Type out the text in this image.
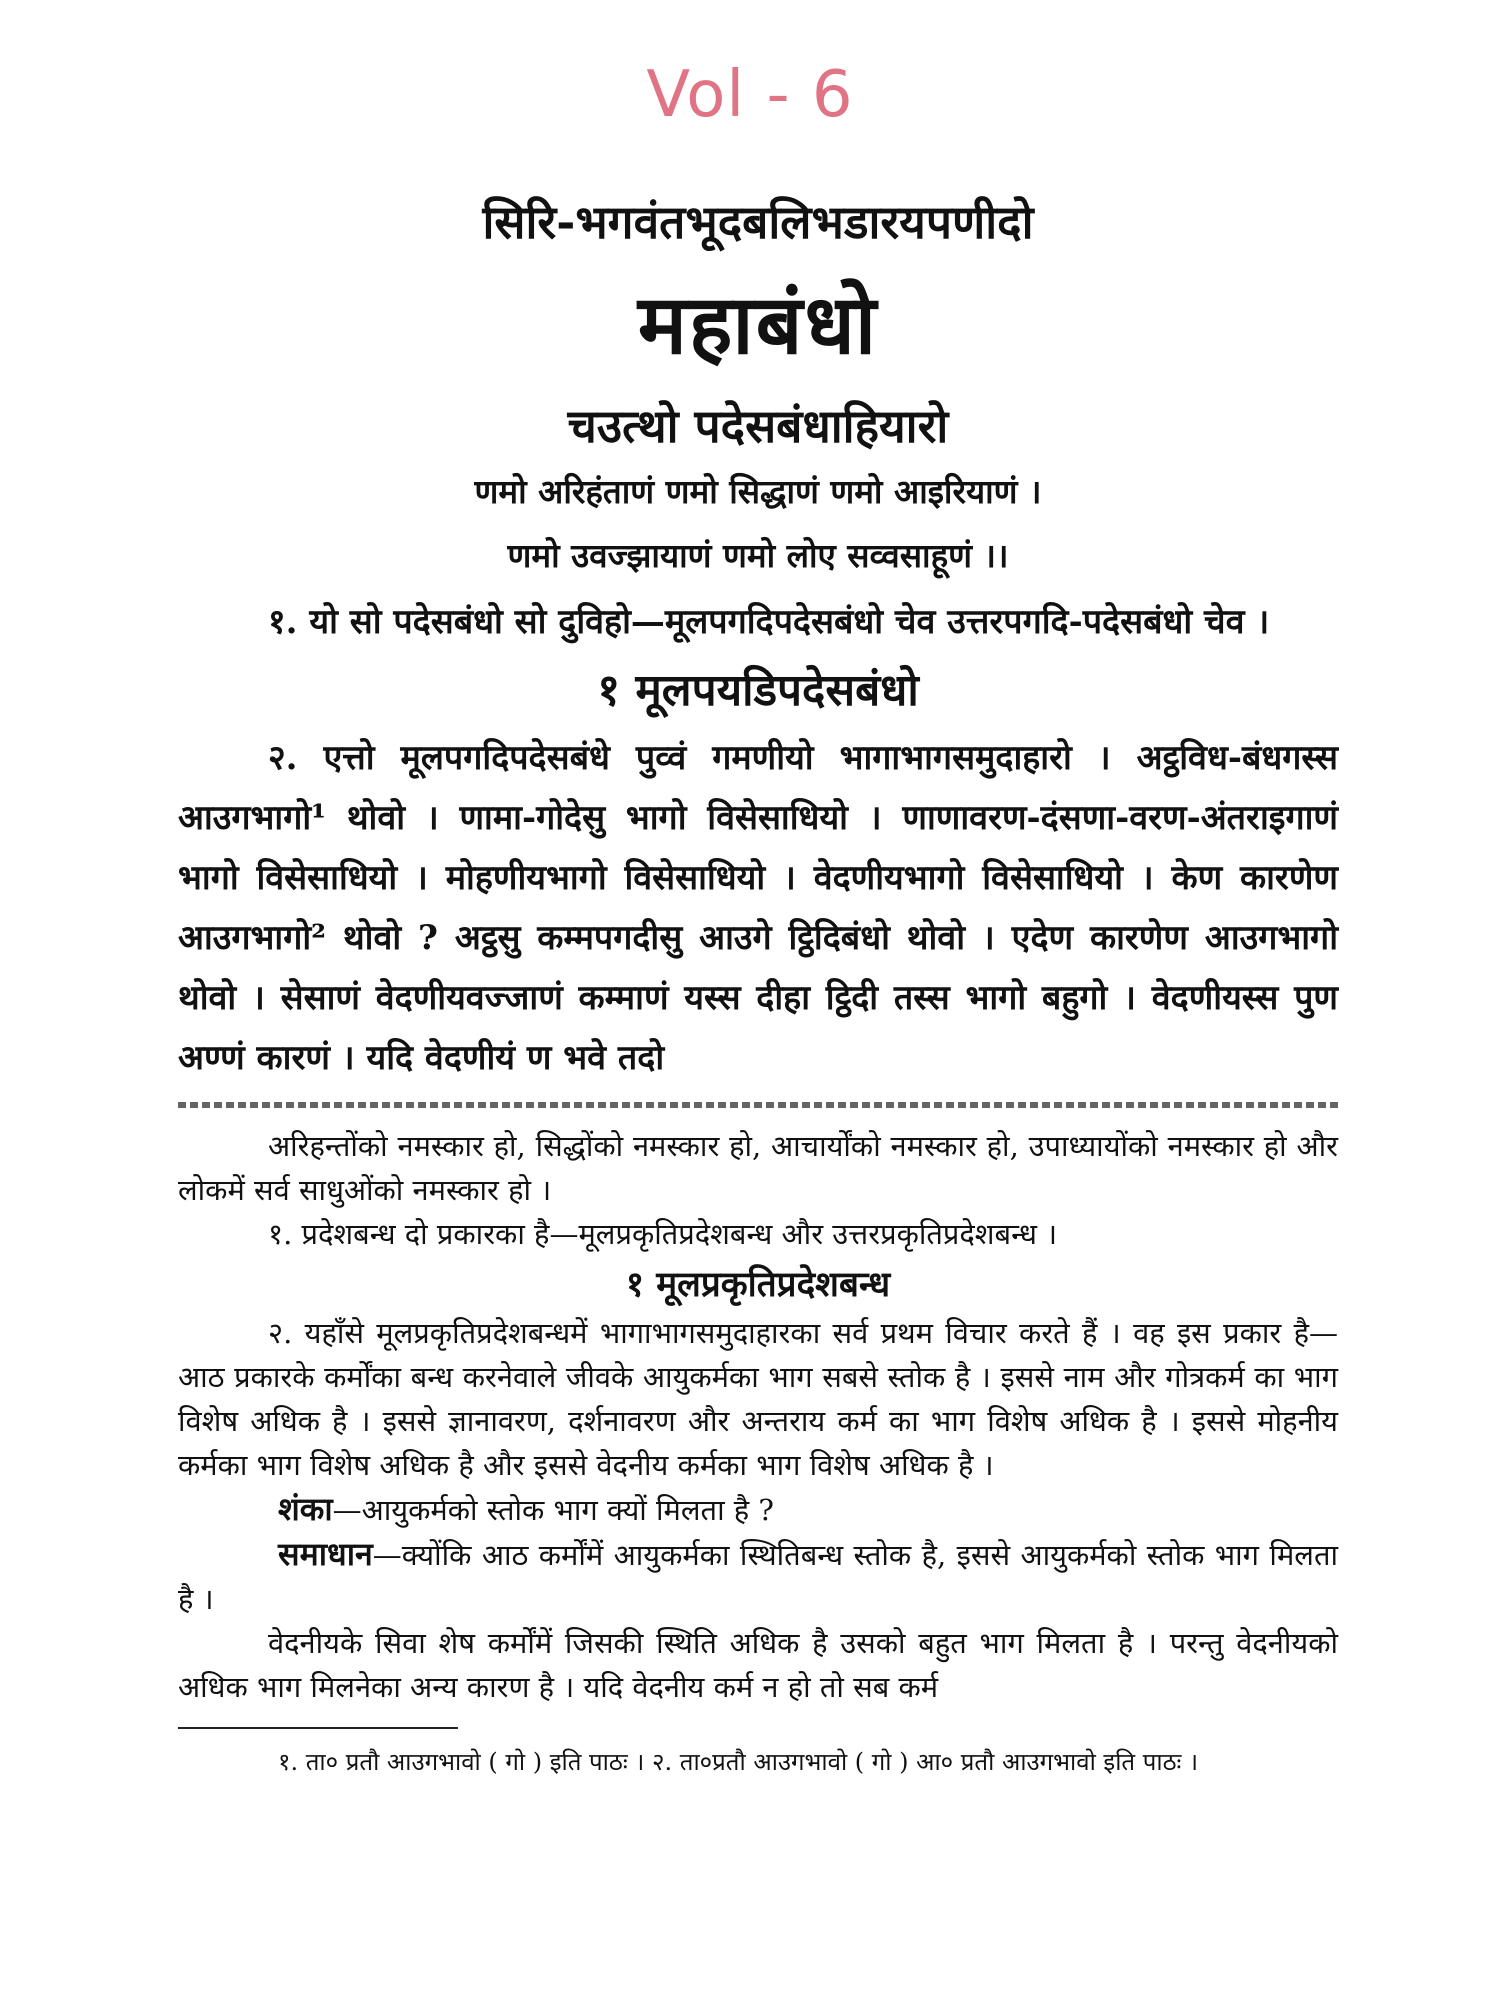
Vol - 6
सिरि-भगवंतभूदबलिभडारयपणीदो
महाबंधो
चउत्थो पदेसबंधाहियारो
णमो अरिहंताणं णमो सिद्धाणं णमो आइरियाणं ।
णमो उवज्झायाणं णमो लोए सव्वसाहूणं ।।

१. यो सो पदेसबंधो सो दुविहो—मूलपगदिपदेसबंधो चेव उत्तरपगदि-पदेसबंधो चेव ।

१ मूलपयडिपदेसबंधो

२. एत्तो मूलपगदिपदेसबंधे पुव्वं गमणीयो भागाभागसमुदाहारो । अट्ठविध-बंधगस्स आउगभागो¹ थोवो । णामा-गोदेसु भागो विसेसाधियो । णाणावरण-दंसणा-वरण-अंतराइगाणं भागो विसेसाधियो । मोहणीयभागो विसेसाधियो । वेदणीयभागो विसेसाधियो । केण कारणेण आउगभागो² थोवो ? अट्ठसु कम्मपगदीसु आउगे ट्ठिदिबंधो थोवो । एदेण कारणेण आउगभागो थोवो । सेसाणं वेदणीयवज्जाणं कम्माणं यस्स दीहा ट्ठिदी तस्स भागो बहुगो । वेदणीयस्स पुण अण्णं कारणं । यदि वेदणीयं ण भवे तदो

अरिहन्तोंको नमस्कार हो, सिद्धोंको नमस्कार हो, आचार्योंको नमस्कार हो, उपाध्यायोंको नमस्कार हो और लोकमें सर्व साधुओंको नमस्कार हो ।

१. प्रदेशबन्ध दो प्रकारका है—मूलप्रकृतिप्रदेशबन्ध और उत्तरप्रकृतिप्रदेशबन्ध ।

१ मूलप्रकृतिप्रदेशबन्ध

२. यहाँसे मूलप्रकृतिप्रदेशबन्धमें भागाभागसमुदाहारका सर्व प्रथम विचार करते हैं । वह इस प्रकार है—आठ प्रकारके कर्मोंका बन्ध करनेवाले जीवके आयुकर्मका भाग सबसे स्तोक है । इससे नाम और गोत्रकर्म का भाग विशेष अधिक है । इससे ज्ञानावरण, दर्शनावरण और अन्तराय कर्म का भाग विशेष अधिक है । इससे मोहनीय कर्मका भाग विशेष अधिक है और इससे वेदनीय कर्मका भाग विशेष अधिक है ।

शंका—आयुकर्मको स्तोक भाग क्यों मिलता है ?

समाधान—क्योंकि आठ कर्मोंमें आयुकर्मका स्थितिबन्ध स्तोक है, इससे आयुकर्मको स्तोक भाग मिलता है ।

वेदनीयके सिवा शेष कर्मोंमें जिसकी स्थिति अधिक है उसको बहुत भाग मिलता है । परन्तु वेदनीयको अधिक भाग मिलनेका अन्य कारण है । यदि वेदनीय कर्म न हो तो सब कर्म

१. ता० प्रतौ आउगभावो ( गो ) इति पाठः । २. ता०प्रतौ आउगभावो ( गो ) आ० प्रतौ आउगभावो इति पाठः ।
